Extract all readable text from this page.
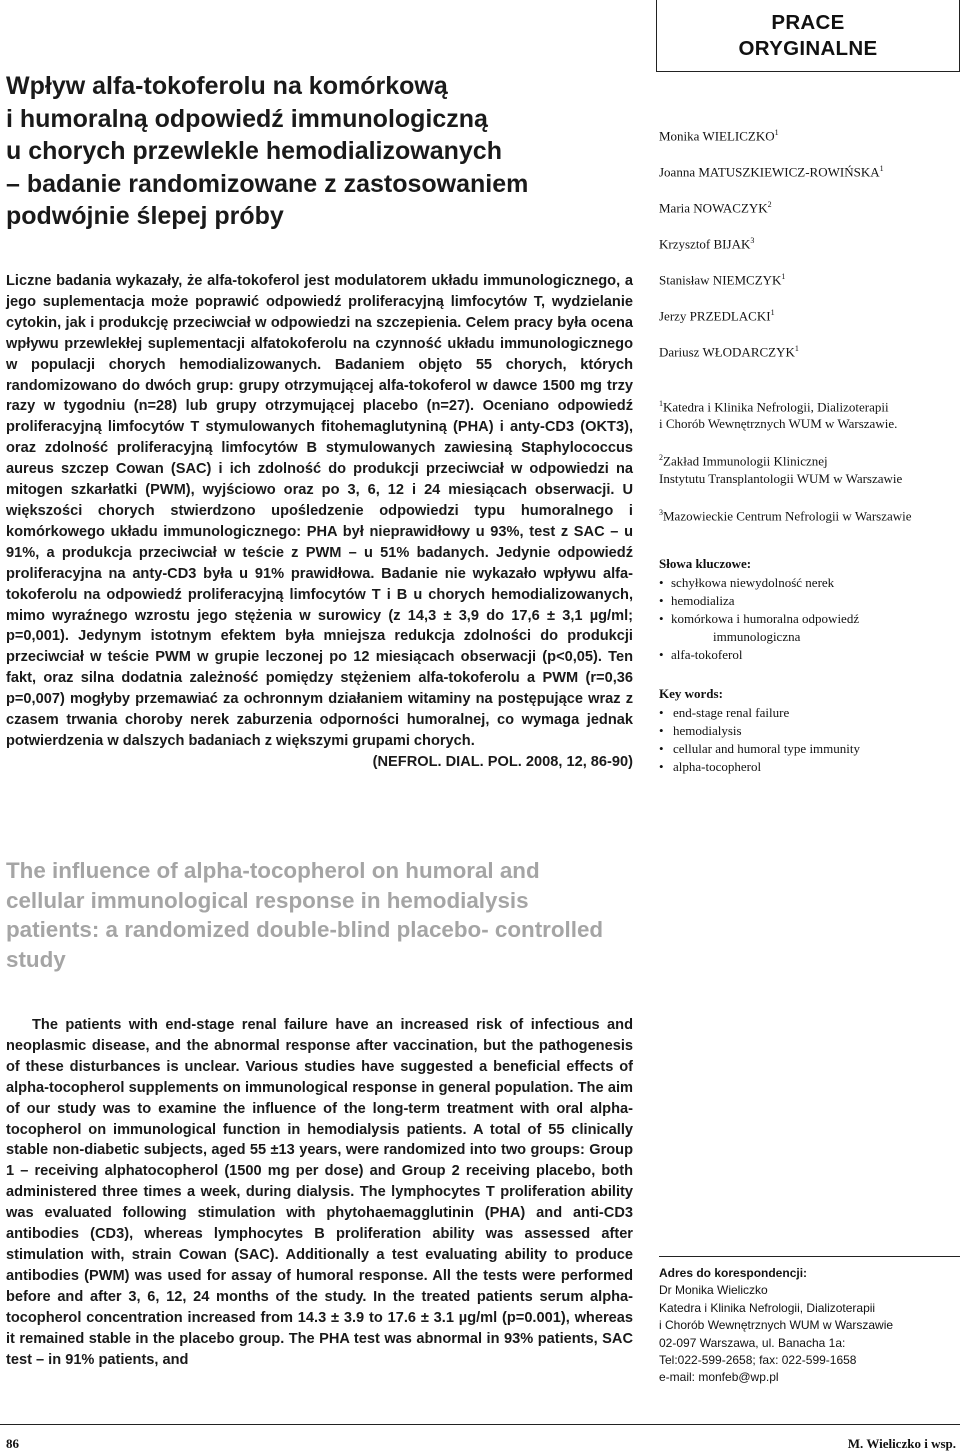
PRACE
ORYGINALNE
Wpływ alfa-tokoferolu na komórkową
i humoralną odpowiedź immunologiczną
u chorych przewlekle hemodializowanych
– badanie randomizowane z zastosowaniem
podwójnie ślepej próby
Liczne badania wykazały, że alfa-tokoferol jest modulatorem układu immunologicznego, a jego suplementacja może poprawić odpowiedź proliferacyjną limfocytów T, wydzielanie cytokin, jak i produkcję przeciwciał w odpowiedzi na szczepienia. Celem pracy była ocena wpływu przewlekłej suplementacji alfatokoferolu na czynność układu immunologicznego w populacji chorych hemodializowanych. Badaniem objęto 55 chorych, których randomizowano do dwóch grup: grupy otrzymującej alfa-tokoferol w dawce 1500 mg trzy razy w tygodniu (n=28) lub grupy otrzymującej placebo (n=27). Oceniano odpowiedź proliferacyjną limfocytów T stymulowanych fitohemaglutyniną (PHA) i anty-CD3 (OKT3), oraz zdolność proliferacyjną limfocytów B stymulowanych zawiesiną Staphylococcus aureus szczep Cowan (SAC) i ich zdolność do produkcji przeciwciał w odpowiedzi na mitogen szkarłatki (PWM), wyjściowo oraz po 3, 6, 12 i 24 miesiącach obserwacji. U większości chorych stwierdzono upośledzenie odpowiedzi typu humoralnego i komórkowego układu immunologicznego: PHA był nieprawidłowy u 93%, test z SAC – u 91%, a produkcja przeciwciał w teście z PWM – u 51% badanych. Jedynie odpowiedź proliferacyjna na anty-CD3 była u 91% prawidłowa. Badanie nie wykazało wpływu alfa-tokoferolu na odpowiedź proliferacyjną limfocytów T i B u chorych hemodializowanych, mimo wyraźnego wzrostu jego stężenia w surowicy (z 14,3 ± 3,9 do 17,6 ± 3,1 µg/ml; p=0,001). Jedynym istotnym efektem była mniejsza redukcja zdolności do produkcji przeciwciał w teście PWM w grupie leczonej po 12 miesiącach obserwacji (p<0,05). Ten fakt, oraz silna dodatnia zależność pomiędzy stężeniem alfa-tokoferolu a PWM (r=0,36 p=0,007) mogłyby przemawiać za ochronnym działaniem witaminy na postępujące wraz z czasem trwania choroby nerek zaburzenia odporności humoralnej, co wymaga jednak potwierdzenia w dalszych badaniach z większymi grupami chorych.
(NEFROL. DIAL. POL. 2008, 12, 86-90)
Monika WIELICZKO$^1$
Joanna MATUSZKIEWICZ-ROWIŃSKA$^1$
Maria NOWACZYK$^2$
Krzysztof BIJAK$^3$
Stanisław NIEMCZYK$^1$
Jerzy PRZEDLACKI$^1$
Dariusz WŁODARCZYK$^1$
$^1$Katedra i Klinika Nefrologii, Dializoterapii
i Chorób Wewnętrznych WUM w Warszawie.
$^2$Zakład Immunologii Klinicznej
Instytutu Transplantologii WUM w Warszawie
$^3$Mazowieckie Centrum Nefrologii w Warszawie
Słowa kluczowe:
• schyłkowa niewydolność nerek
• hemodializa
• komórkowa i humoralna odpowiedź
immunologiczna
• alfa-tokoferol
Key words:
• end-stage renal failure
• hemodialysis
• cellular and humoral type immunity
• alpha-tocopherol
The influence of alpha-tocopherol on humoral and
cellular immunological response in hemodialysis
patients: a randomized double-blind placebo- controlled
study
The patients with end-stage renal failure have an increased risk of infectious and neoplasmic disease, and the abnormal response after vaccination, but the pathogenesis of these disturbances is unclear. Various studies have suggested a beneficial effects of alpha-tocopherol supplements on immunological response in general population. The aim of our study was to examine the influence of the long-term treatment with oral alpha-tocopherol on immunological function in hemodialysis patients. A total of 55 clinically stable non-diabetic subjects, aged 55 ±13 years, were randomized into two groups: Group 1 – receiving alphatocopherol (1500 mg per dose) and Group 2 receiving placebo, both administered three times a week, during dialysis. The lymphocytes T proliferation ability was evaluated following stimulation with phytohaemagglutinin (PHA) and anti-CD3 antibodies (CD3), whereas lymphocytes B proliferation ability was assessed after stimulation with, strain Cowan (SAC). Additionally a test evaluating ability to produce antibodies (PWM) was used for assay of humoral response. All the tests were performed before and after 3, 6, 12, 24 months of the study. In the treated patients serum alpha-tocopherol concentration increased from 14.3 ± 3.9 to 17.6 ± 3.1 µg/ml (p=0.001), whereas it remained stable in the placebo group. The PHA test was abnormal in 93% patients, SAC test – in 91% patients, and
Adres do korespondencji:
Dr Monika Wieliczko
Katedra i Klinika Nefrologii, Dializoterapii
i Chorób Wewnętrznych WUM w Warszawie
02-097 Warszawa, ul. Banacha 1a:
Tel:022-599-2658; fax: 022-599-1658
e-mail: monfeb@wp.pl
86	M. Wieliczko i wsp.
